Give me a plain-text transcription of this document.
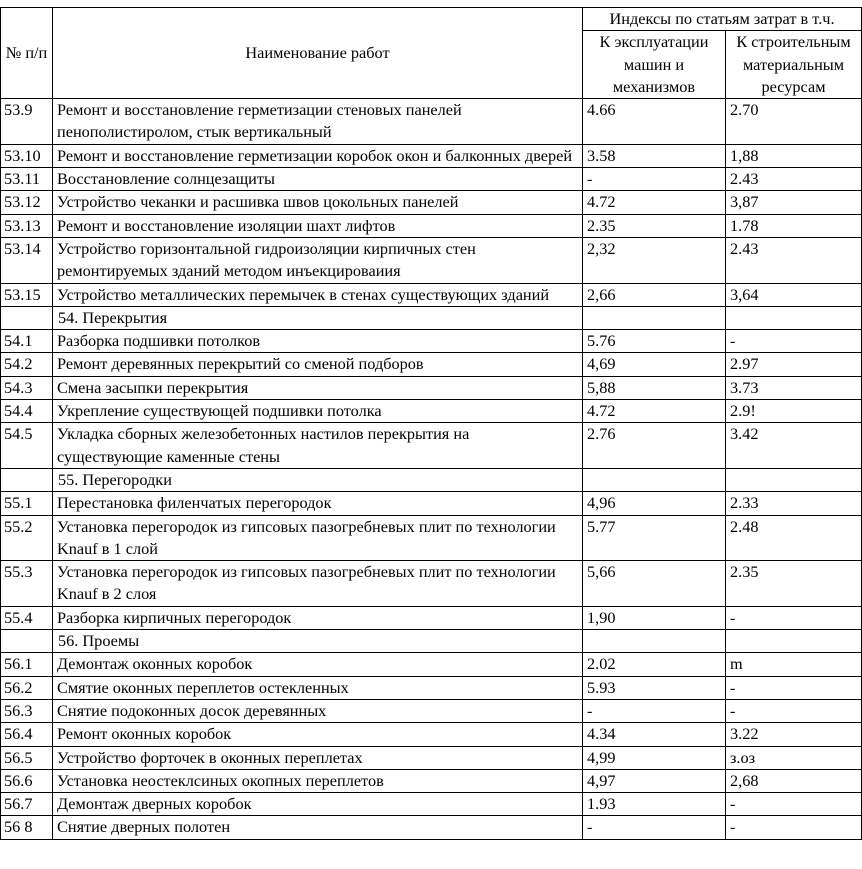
№ п/п	Наименование работ	Индексы по статьям затрат в т.ч.	
		К эксплуатации машин и механизмов	К строительным материальным ресурсам
53.9	Ремонт и восстановление герметизации стеновых панелей пенополистиролом, стык вертикальный	4.66	2.70
53.10	Ремонт и восстановление герметизации коробок окон и балконных дверей	3.58	1,88
53.11	Восстановление солнцезащиты	-	2.43
53.12	Устройство чеканки и расшивка швов цокольных панелей	4.72	3,87
53.13	Ремонт и восстановление изоляции шахт лифтов	2.35	1.78
53.14	Устройство горизонтальной гидроизоляции кирпичных стен ремонтируемых зданий методом инъекцироваиия	2,32	2.43
53.15	Устройство металлических перемычек в стенах существующих зданий	2,66	3,64
	54. Перекрытия		
54.1	Разборка подшивки потолков	5.76	-
54.2	Ремонт деревянных перекрытий со сменой подборов	4,69	2.97
54.3	Смена засыпки перекрытия	5,88	3.73
54.4	Укрепление существующей подшивки потолка	4.72	2.9!
54.5	Укладка сборных железобетонных настилов перекрытия на существующие каменные стены	2.76	3.42
	55. Перегородки		
55.1	Перестановка филенчатых перегородок	4,96	2.33
55.2	Установка перегородок из гипсовых пазогребневых плит по технологии Knauf в 1 слой	5.77	2.48
55.3	Установка перегородок из гипсовых пазогребневых плит по технологии Knauf в 2 слоя	5,66	2.35
55.4	Разборка кирпичных перегородок	1,90	-
	56. Проемы		
56.1	Демонтаж оконных коробок	2.02	m
56.2	Смятие оконных переплетов остекленных	5.93	-
56.3	Снятие подоконных досок деревянных	-	-
56.4	Ремонт оконных коробок	4.34	3.22
56.5	Устройство форточек в оконных переплетах	4,99	з.оз
56.6	Установка неостеклсиных окопных переплетов	4,97	2,68
56.7	Демонтаж дверных коробок	1.93	-
56 8	Снятие дверных полотен	-	-
